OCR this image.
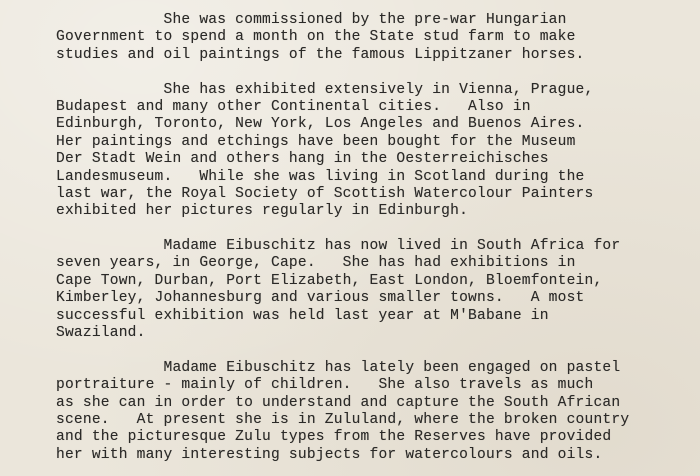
She was commissioned by the pre-war Hungarian
Government to spend a month on the State stud farm to make
studies and oil paintings of the famous Lippitzaner horses.
She has exhibited extensively in Vienna, Prague,
Budapest and many other Continental cities.   Also in
Edinburgh, Toronto, New York, Los Angeles and Buenos Aires.
Her paintings and etchings have been bought for the Museum
Der Stadt Wein and others hang in the Oesterreichisches
Landesmuseum.   While she was living in Scotland during the
last war, the Royal Society of Scottish Watercolour Painters
exhibited her pictures regularly in Edinburgh.
Madame Eibuschitz has now lived in South Africa for
seven years, in George, Cape.   She has had exhibitions in
Cape Town, Durban, Port Elizabeth, East London, Bloemfontein,
Kimberley, Johannesburg and various smaller towns.   A most
successful exhibition was held last year at M'Babane in
Swaziland.
Madame Eibuschitz has lately been engaged on pastel
portraiture - mainly of children.   She also travels as much
as she can in order to understand and capture the South African
scene.   At present she is in Zululand, where the broken country
and the picturesque Zulu types from the Reserves have provided
her with many interesting subjects for watercolours and oils.
